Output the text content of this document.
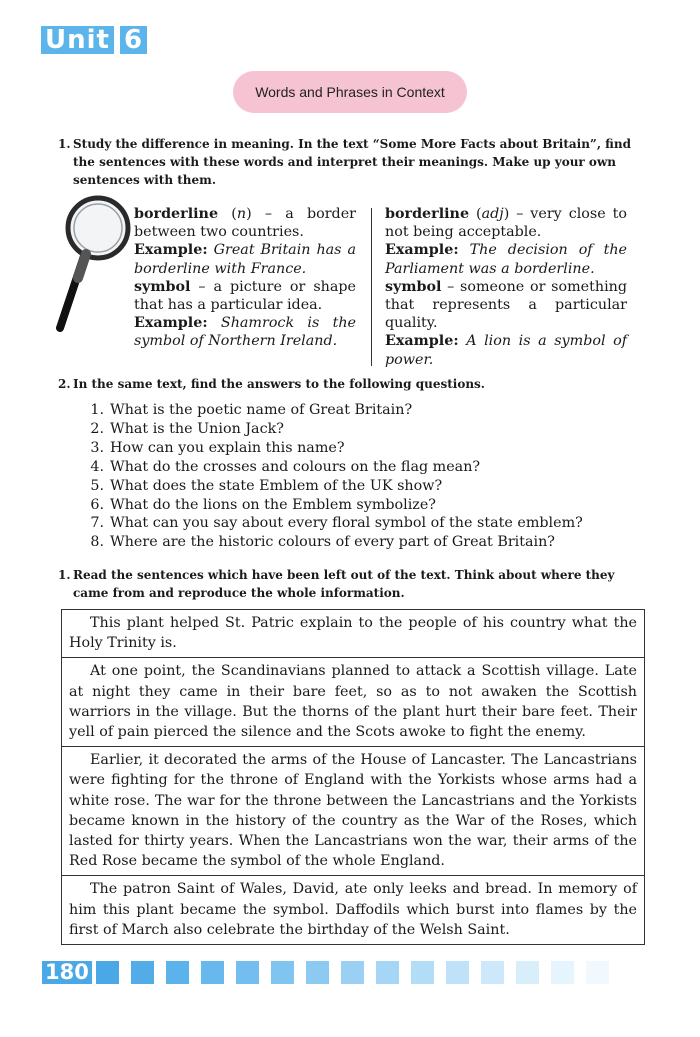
Unit 6
Words and Phrases in Context
1. Study the difference in meaning. In the text “Some More Facts about Britain”, find the sentences with these words and interpret their meanings. Make up your own sentences with them.
borderline (n) – a border between two countries.
Example: Great Britain has a borderline with France.
symbol – a picture or shape that has a particular idea.
Example: Shamrock is the symbol of Northern Ireland.
borderline (adj) – very close to not being acceptable.
Example: The decision of the Parliament was a borderline.
symbol – someone or something that represents a particular quality.
Example: A lion is a symbol of power.
2. In the same text, find the answers to the following questions.
1. What is the poetic name of Great Britain?
2. What is the Union Jack?
3. How can you explain this name?
4. What do the crosses and colours on the flag mean?
5. What does the state Emblem of the UK show?
6. What do the lions on the Emblem symbolize?
7. What can you say about every floral symbol of the state emblem?
8. Where are the historic colours of every part of Great Britain?
1. Read the sentences which have been left out of the text. Think about where they came from and reproduce the whole information.
This plant helped St. Patric explain to the people of his country what the Holy Trinity is.
At one point, the Scandinavians planned to attack a Scottish village. Late at night they came in their bare feet, so as to not awaken the Scottish warriors in the village. But the thorns of the plant hurt their bare feet. Their yell of pain pierced the silence and the Scots awoke to fight the enemy.
Earlier, it decorated the arms of the House of Lancaster. The Lancastrians were fighting for the throne of England with the Yorkists whose arms had a white rose. The war for the throne between the Lancastrians and the Yorkists became known in the history of the country as the War of the Roses, which lasted for thirty years. When the Lancastrians won the war, their arms of the Red Rose became the symbol of the whole England.
The patron Saint of Wales, David, ate only leeks and bread. In memory of him this plant became the symbol. Daffodils which burst into flames by the first of March also celebrate the birthday of the Welsh Saint.
180
